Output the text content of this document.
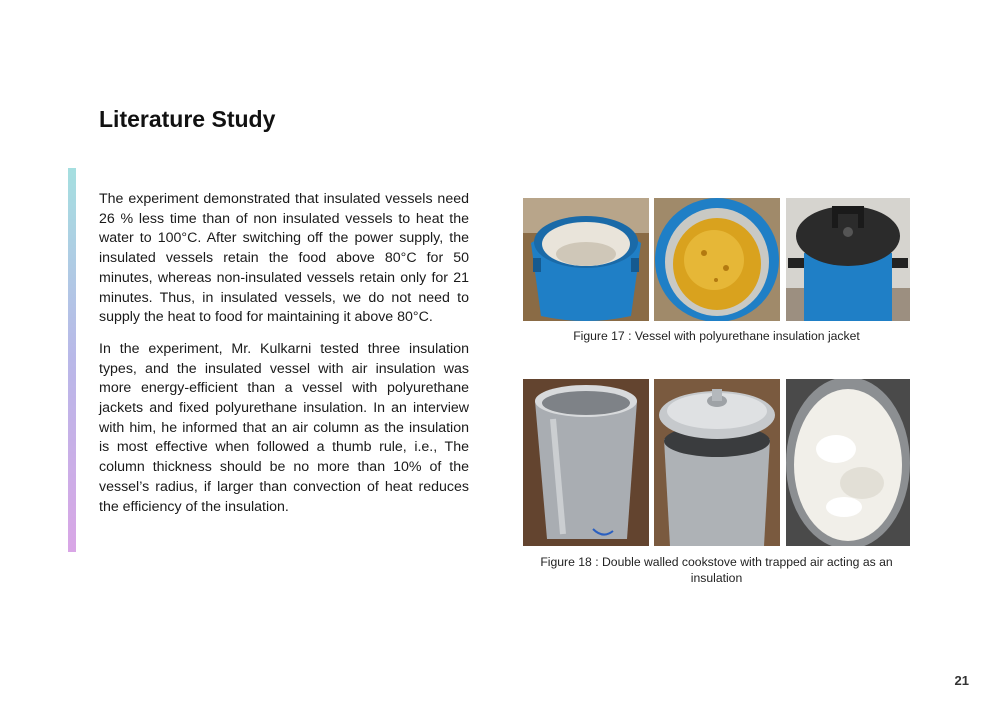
Literature Study

The experiment demonstrated that insulated vessels need 26 % less time than of non insulated vessels to heat the water to 100°C. After switching off the power supply, the insulated vessels retain the food above 80°C for 50 minutes, whereas non-insulated vessels retain only for 21 minutes. Thus, in insulated vessels, we do not need to supply the heat to food for maintaining it above 80°C.

In the experiment, Mr. Kulkarni tested three insulation types, and the insulated vessel with air insulation was more energy-efficient than a vessel with polyurethane jackets and fixed polyurethane insulation. In an interview with him, he informed that an air column as the insulation is most effective when followed a thumb rule, i.e., The column thickness should be no more than 10% of the vessel’s radius, if larger than convection of heat reduces the efficiency of the insulation.

Figure 17 : Vessel with polyurethane insulation jacket
Figure 18 : Double walled cookstove with trapped air acting as an insulation
21
